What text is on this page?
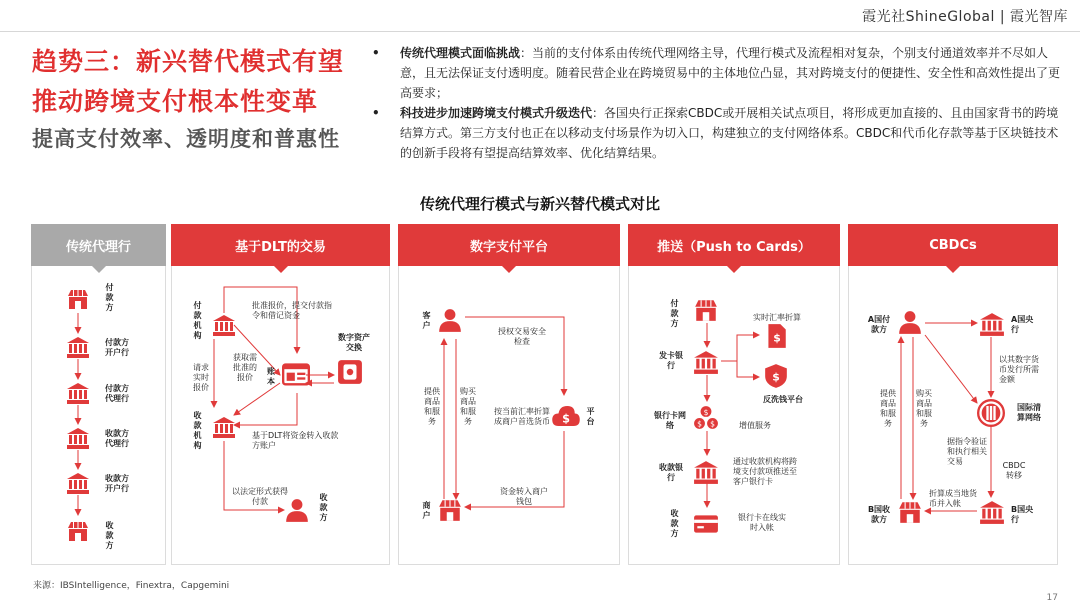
霞光社ShineGlobal | 霞光智库
趋势三：新兴替代模式有望
推动跨境支付根本性变革
提高支付效率、透明度和普惠性
• 传统代理模式面临挑战：当前的支付体系由传统代理网络主导，代理行模式及流程相对复杂，个别支付通道效率并不尽如人意，且无法保证支付透明度。随着民营企业在跨境贸易中的主体地位凸显，其对跨境支付的便捷性、安全性和高效性提出了更高要求；
• 科技进步加速跨境支付模式升级迭代：各国央行正探索CBDC或开展相关试点项目，将形成更加直接的、且由国家背书的跨境结算方式。第三方支付也正在以移动支付场景作为切入口，构建独立的支付网络体系。CBDC和代币化存款等基于区块链技术的创新手段将有望提高结算效率、优化结算结果。
传统代理行模式与新兴替代模式对比
传统代理行
付款方
付款方开户行
付款方代理行
收款方代理行
收款方开户行
收款方
基于DLT的交易
付款机构
批准报价，提交付款指令和借记资金
数字资产交换
请求实时报价
获取需批准的报价
账本
收款机构
基于DLT将资金转入收款方账户
以法定形式获得付款	收款方
数字支付平台
客户
授权交易安全检查
提供商品和服务
购买商品和服务
按当前汇率折算成商户首选货币
平台
资金转入商户钱包
商户
推送（Push to Cards）
付款方
实时汇率折算
发卡银行
反洗钱平台
银行卡网络	增值服务
收款银行
通过收款机构将跨境支付款项推送至客户银行卡
收款方
银行卡在线实时入帐
CBDCs
A国付款方
A国央行
以其数字货币发行所需金额
提供商品和服务
购买商品和服务
国际清算网络
据指令验证和执行相关交易	CBDC转移
折算成当地货币并入帐
B国收款方
B国央行
来源：IBSIntelligence，Finextra，Capgemini
17
